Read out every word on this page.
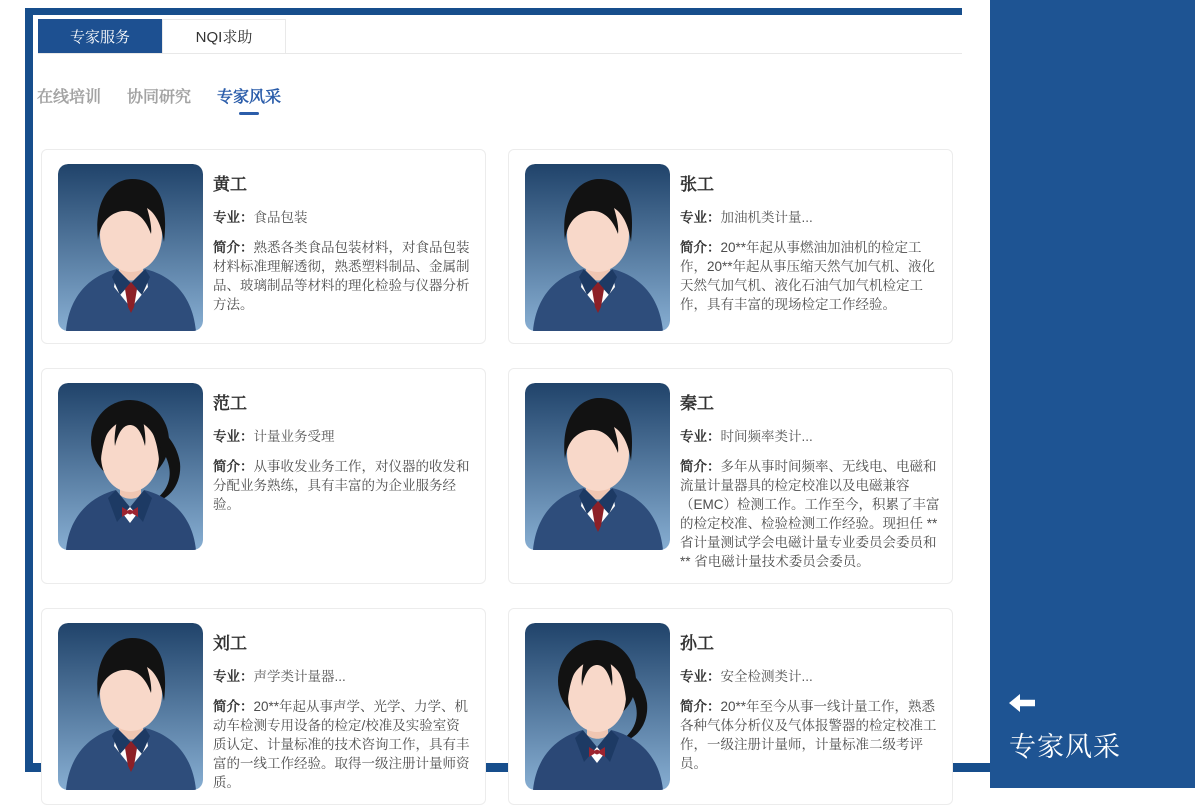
专家服务	NQI求助
在线培训 协同研究 专家风采
黄工

专业：食品包装

简介：熟悉各类食品包装材料，对食品包装材料标准理解透彻，熟悉塑料制品、金属制品、玻璃制品等材料的理化检验与仪器分析方法。

张工

专业：加油机类计量...

简介：20**年起从事燃油加油机的检定工作，20**年起从事压缩天然气加气机、液化天然气加气机、液化石油气加气机检定工作，具有丰富的现场检定工作经验。

范工

专业：计量业务受理

简介：从事收发业务工作，对仪器的收发和分配业务熟练，具有丰富的为企业服务经验。

秦工

专业：时间频率类计...

简介：多年从事时间频率、无线电、电磁和流量计量器具的检定校准以及电磁兼容（EMC）检测工作。工作至今，积累了丰富的检定校准、检验检测工作经验。现担任 ** 省计量测试学会电磁计量专业委员会委员和 ** 省电磁计量技术委员会委员。

刘工

专业：声学类计量器...

简介：20**年起从事声学、光学、力学、机动车检测专用设备的检定/校准及实验室资质认定、计量标准的技术咨询工作，具有丰富的一线工作经验。取得一级注册计量师资质。

孙工

专业：安全检测类计...

简介：20**年至今从事一线计量工作，熟悉各种气体分析仪及气体报警器的检定校准工作，一级注册计量师，计量标准二级考评员。

专家风采
